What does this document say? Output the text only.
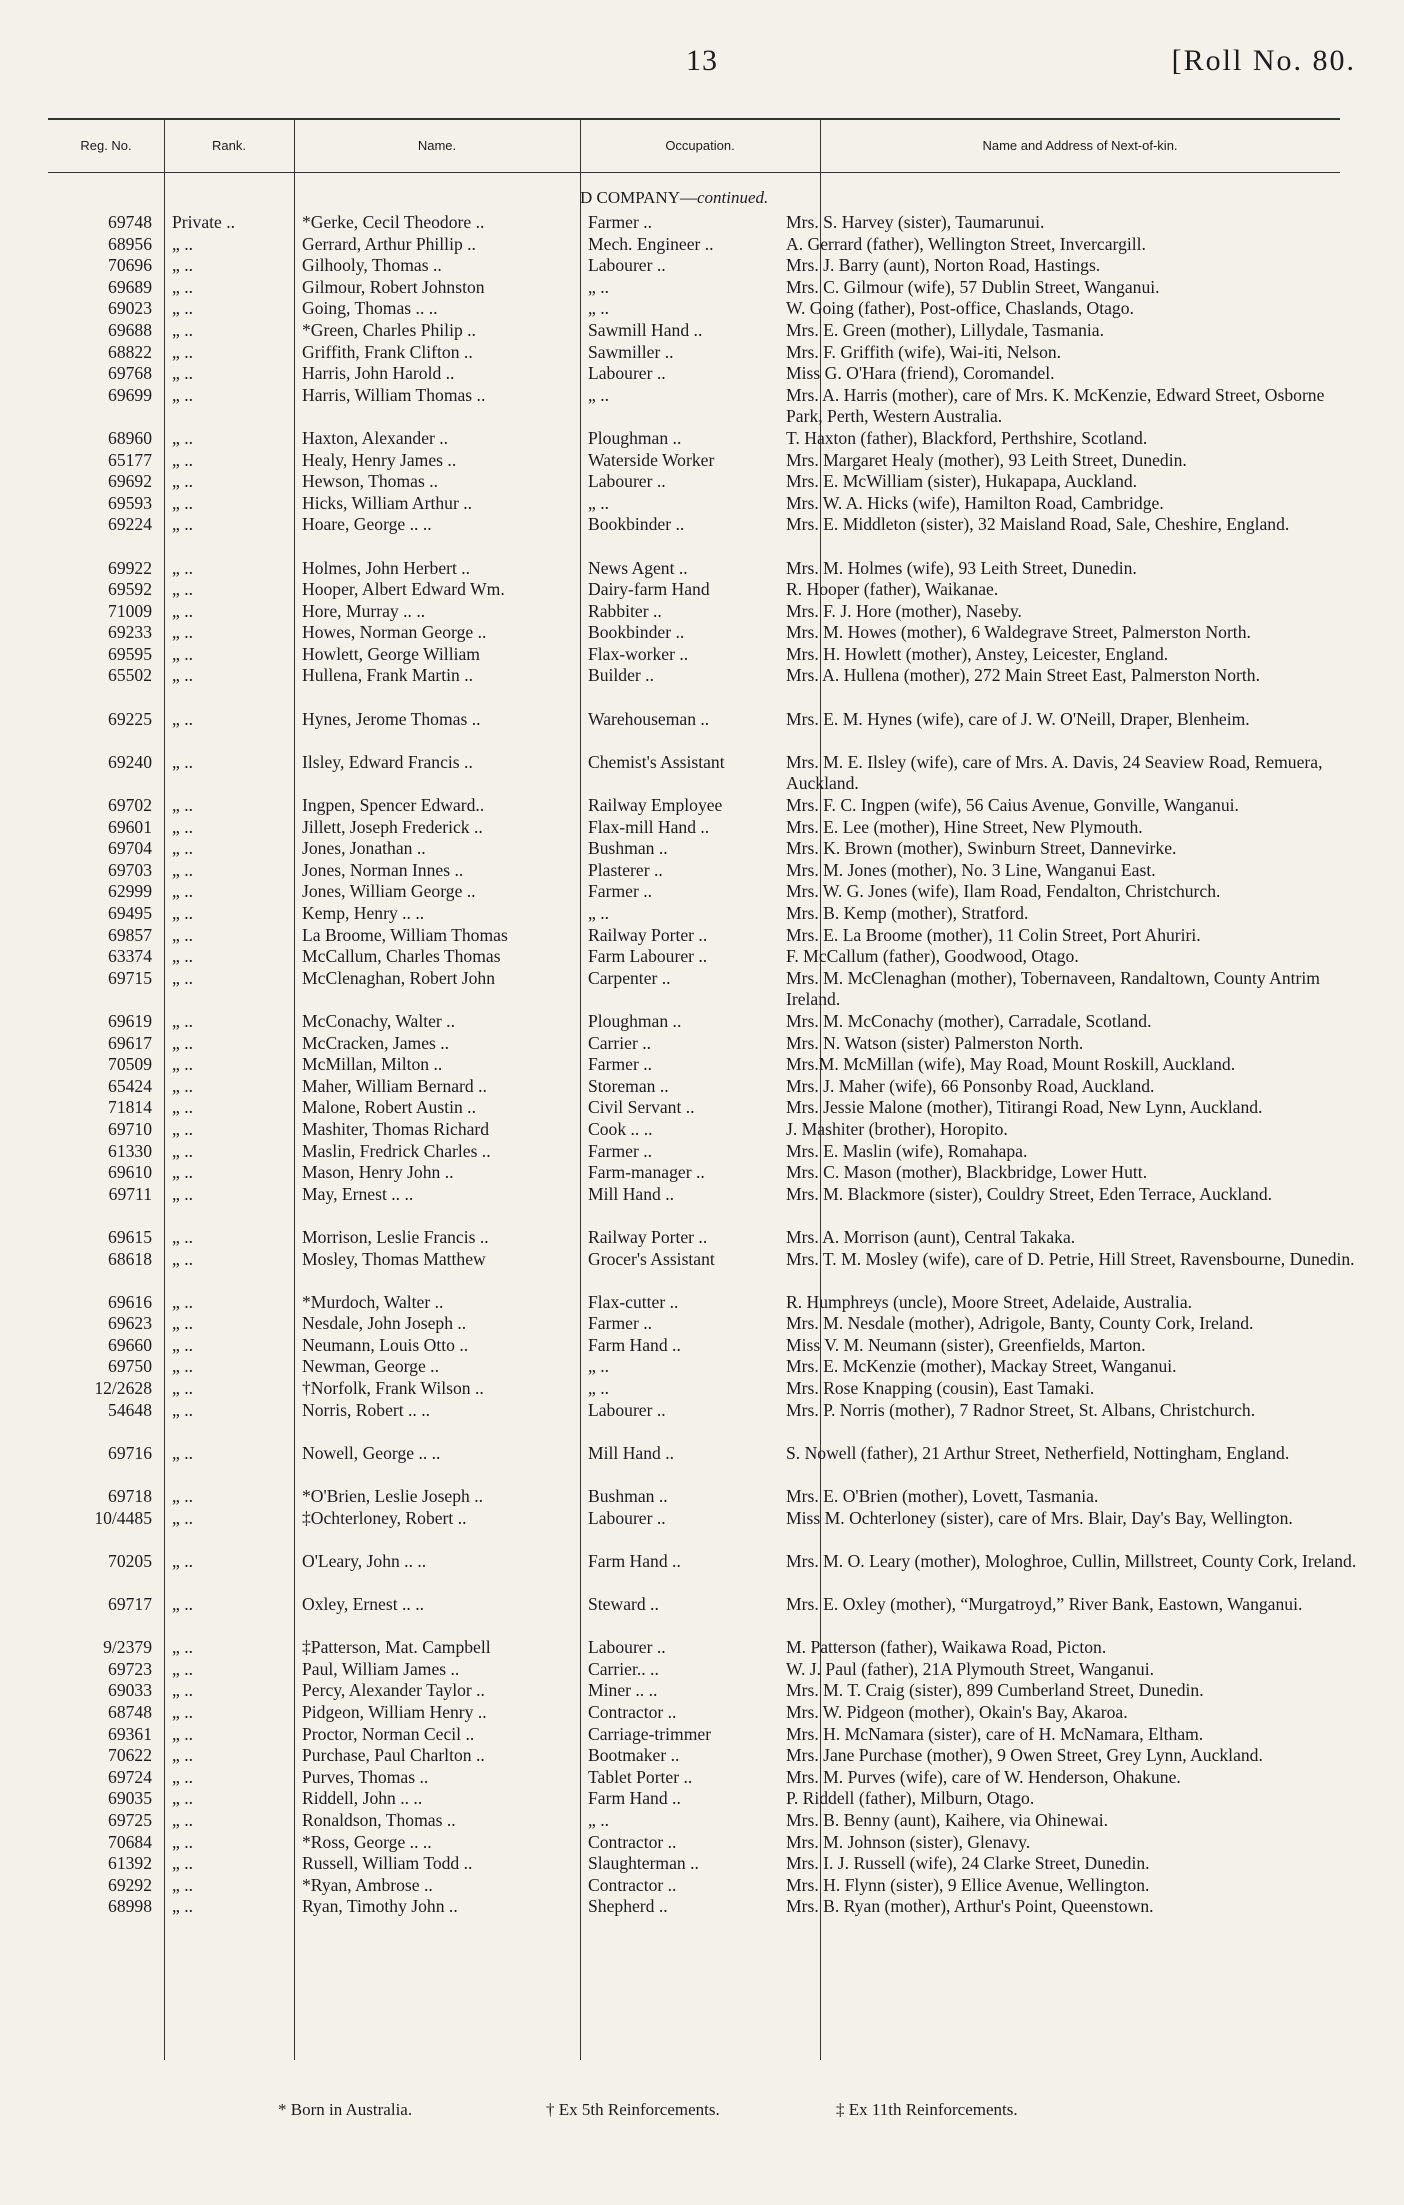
13	[Roll No. 80.
Reg. No.	Rank.	Name.	Occupation.	Name and Address of Next-of-kin.
D COMPANY—continued.
69748 Private ..	*Gerke, Cecil Theodore ..	Farmer ..	Mrs. S. Harvey (sister), Taumarunui.
68956 „ ..	Gerrard, Arthur Phillip ..	Mech. Engineer ..	A. Gerrard (father), Wellington Street, Invercargill.
70696 „ ..	Gilhooly, Thomas ..	Labourer ..	Mrs. J. Barry (aunt), Norton Road, Hastings.
69689 „ ..	Gilmour, Robert Johnston	„ ..	Mrs. C. Gilmour (wife), 57 Dublin Street, Wanganui.
69023 „ ..	Going, Thomas .. ..	„ ..	W. Going (father), Post-office, Chaslands, Otago.
69688 „ ..	*Green, Charles Philip ..	Sawmill Hand ..	Mrs. E. Green (mother), Lillydale, Tasmania.
68822 „ ..	Griffith, Frank Clifton ..	Sawmiller ..	Mrs. F. Griffith (wife), Wai-iti, Nelson.
69768 „ ..	Harris, John Harold ..	Labourer ..	Miss G. O'Hara (friend), Coromandel.
69699 „ ..	Harris, William Thomas ..	„ ..	Mrs. A. Harris (mother), care of Mrs. K. McKenzie, Edward Street, Osborne Park, Perth, Western Australia.
68960 „ ..	Haxton, Alexander ..	Ploughman ..	T. Haxton (father), Blackford, Perthshire, Scotland.
65177 „ ..	Healy, Henry James ..	Waterside Worker	Mrs. Margaret Healy (mother), 93 Leith Street, Dunedin.
69692 „ ..	Hewson, Thomas ..	Labourer ..	Mrs. E. McWilliam (sister), Hukapapa, Auckland.
69593 „ ..	Hicks, William Arthur ..	„ ..	Mrs. W. A. Hicks (wife), Hamilton Road, Cambridge.
69224 „ ..	Hoare, George .. ..	Bookbinder ..	Mrs. E. Middleton (sister), 32 Maisland Road, Sale, Cheshire, England.
69922 „ ..	Holmes, John Herbert ..	News Agent ..	Mrs. M. Holmes (wife), 93 Leith Street, Dunedin.
69592 „ ..	Hooper, Albert Edward Wm.	Dairy-farm Hand	R. Hooper (father), Waikanae.
71009 „ ..	Hore, Murray .. ..	Rabbiter ..	Mrs. F. J. Hore (mother), Naseby.
69233 „ ..	Howes, Norman George ..	Bookbinder ..	Mrs. M. Howes (mother), 6 Waldegrave Street, Palmerston North.
69595 „ ..	Howlett, George William	Flax-worker ..	Mrs. H. Howlett (mother), Anstey, Leicester, England.
65502 „ ..	Hullena, Frank Martin ..	Builder ..	Mrs. A. Hullena (mother), 272 Main Street East, Palmerston North.
69225 „ ..	Hynes, Jerome Thomas ..	Warehouseman ..	Mrs. E. M. Hynes (wife), care of J. W. O'Neill, Draper, Blenheim.
69240 „ ..	Ilsley, Edward Francis ..	Chemist's Assistant	Mrs. M. E. Ilsley (wife), care of Mrs. A. Davis, 24 Seaview Road, Remuera, Auckland.
69702 „ ..	Ingpen, Spencer Edward..	Railway Employee	Mrs. F. C. Ingpen (wife), 56 Caius Avenue, Gonville, Wanganui.
69601 „ ..	Jillett, Joseph Frederick ..	Flax-mill Hand ..	Mrs. E. Lee (mother), Hine Street, New Plymouth.
69704 „ ..	Jones, Jonathan ..	Bushman ..	Mrs. K. Brown (mother), Swinburn Street, Dannevirke.
69703 „ ..	Jones, Norman Innes ..	Plasterer ..	Mrs. M. Jones (mother), No. 3 Line, Wanganui East.
62999 „ ..	Jones, William George ..	Farmer ..	Mrs. W. G. Jones (wife), Ilam Road, Fendalton, Christchurch.
69495 „ ..	Kemp, Henry .. ..	„ ..	Mrs. B. Kemp (mother), Stratford.
69857 „ ..	La Broome, William Thomas	Railway Porter ..	Mrs. E. La Broome (mother), 11 Colin Street, Port Ahuriri.
63374 „ ..	McCallum, Charles Thomas	Farm Labourer ..	F. McCallum (father), Goodwood, Otago.
69715 „ ..	McClenaghan, Robert John	Carpenter ..	Mrs. M. McClenaghan (mother), Tobernaveen, Randaltown, County Antrim Ireland.
69619 „ ..	McConachy, Walter ..	Ploughman ..	Mrs. M. McConachy (mother), Carradale, Scotland.
69617 „ ..	McCracken, James ..	Carrier ..	Mrs. N. Watson (sister) Palmerston North.
70509 „ ..	McMillan, Milton ..	Farmer ..	Mrs.M. McMillan (wife), May Road, Mount Roskill, Auckland.
65424 „ ..	Maher, William Bernard ..	Storeman ..	Mrs. J. Maher (wife), 66 Ponsonby Road, Auckland.
71814 „ ..	Malone, Robert Austin ..	Civil Servant ..	Mrs. Jessie Malone (mother), Titirangi Road, New Lynn, Auckland.
69710 „ ..	Mashiter, Thomas Richard	Cook .. ..	J. Mashiter (brother), Horopito.
61330 „ ..	Maslin, Fredrick Charles ..	Farmer ..	Mrs. E. Maslin (wife), Romahapa.
69610 „ ..	Mason, Henry John ..	Farm-manager ..	Mrs. C. Mason (mother), Blackbridge, Lower Hutt.
69711 „ ..	May, Ernest .. ..	Mill Hand ..	Mrs. M. Blackmore (sister), Couldry Street, Eden Terrace, Auckland.
69615 „ ..	Morrison, Leslie Francis ..	Railway Porter ..	Mrs. A. Morrison (aunt), Central Takaka.
68618 „ ..	Mosley, Thomas Matthew	Grocer's Assistant	Mrs. T. M. Mosley (wife), care of D. Petrie, Hill Street, Ravensbourne, Dunedin.
69616 „ ..	*Murdoch, Walter ..	Flax-cutter ..	R. Humphreys (uncle), Moore Street, Adelaide, Australia.
69623 „ ..	Nesdale, John Joseph ..	Farmer ..	Mrs. M. Nesdale (mother), Adrigole, Banty, County Cork, Ireland.
69660 „ ..	Neumann, Louis Otto ..	Farm Hand ..	Miss V. M. Neumann (sister), Greenfields, Marton.
69750 „ ..	Newman, George ..	„ ..	Mrs. E. McKenzie (mother), Mackay Street, Wanganui.
12/2628 „ ..	†Norfolk, Frank Wilson ..	„ ..	Mrs. Rose Knapping (cousin), East Tamaki.
54648 „ ..	Norris, Robert .. ..	Labourer ..	Mrs. P. Norris (mother), 7 Radnor Street, St. Albans, Christchurch.
69716 „ ..	Nowell, George .. ..	Mill Hand ..	S. Nowell (father), 21 Arthur Street, Netherfield, Nottingham, England.
69718 „ ..	*O'Brien, Leslie Joseph ..	Bushman ..	Mrs. E. O'Brien (mother), Lovett, Tasmania.
10/4485 „ ..	‡Ochterloney, Robert ..	Labourer ..	Miss M. Ochterloney (sister), care of Mrs. Blair, Day's Bay, Wellington.
70205 „ ..	O'Leary, John .. ..	Farm Hand ..	Mrs. M. O. Leary (mother), Mologhroe, Cullin, Millstreet, County Cork, Ireland.
69717 „ ..	Oxley, Ernest .. ..	Steward ..	Mrs. E. Oxley (mother), “Murgatroyd,” River Bank, Eastown, Wanganui.
9/2379 „ ..	‡Patterson, Mat. Campbell	Labourer ..	M. Patterson (father), Waikawa Road, Picton.
69723 „ ..	Paul, William James ..	Carrier.. ..	W. J. Paul (father), 21A Plymouth Street, Wanganui.
69033 „ ..	Percy, Alexander Taylor ..	Miner .. ..	Mrs. M. T. Craig (sister), 899 Cumberland Street, Dunedin.
68748 „ ..	Pidgeon, William Henry ..	Contractor ..	Mrs. W. Pidgeon (mother), Okain's Bay, Akaroa.
69361 „ ..	Proctor, Norman Cecil ..	Carriage-trimmer	Mrs. H. McNamara (sister), care of H. McNamara, Eltham.
70622 „ ..	Purchase, Paul Charlton ..	Bootmaker ..	Mrs. Jane Purchase (mother), 9 Owen Street, Grey Lynn, Auckland.
69724 „ ..	Purves, Thomas ..	Tablet Porter ..	Mrs. M. Purves (wife), care of W. Henderson, Ohakune.
69035 „ ..	Riddell, John .. ..	Farm Hand ..	P. Riddell (father), Milburn, Otago.
69725 „ ..	Ronaldson, Thomas ..	„ ..	Mrs. B. Benny (aunt), Kaihere, via Ohinewai.
70684 „ ..	*Ross, George .. ..	Contractor ..	Mrs. M. Johnson (sister), Glenavy.
61392 „ ..	Russell, William Todd ..	Slaughterman ..	Mrs. I. J. Russell (wife), 24 Clarke Street, Dunedin.
69292 „ ..	*Ryan, Ambrose ..	Contractor ..	Mrs. H. Flynn (sister), 9 Ellice Avenue, Wellington.
68998 „ ..	Ryan, Timothy John ..	Shepherd ..	Mrs. B. Ryan (mother), Arthur's Point, Queenstown.
* Born in Australia.	† Ex 5th Reinforcements.	‡ Ex 11th Reinforcements.
